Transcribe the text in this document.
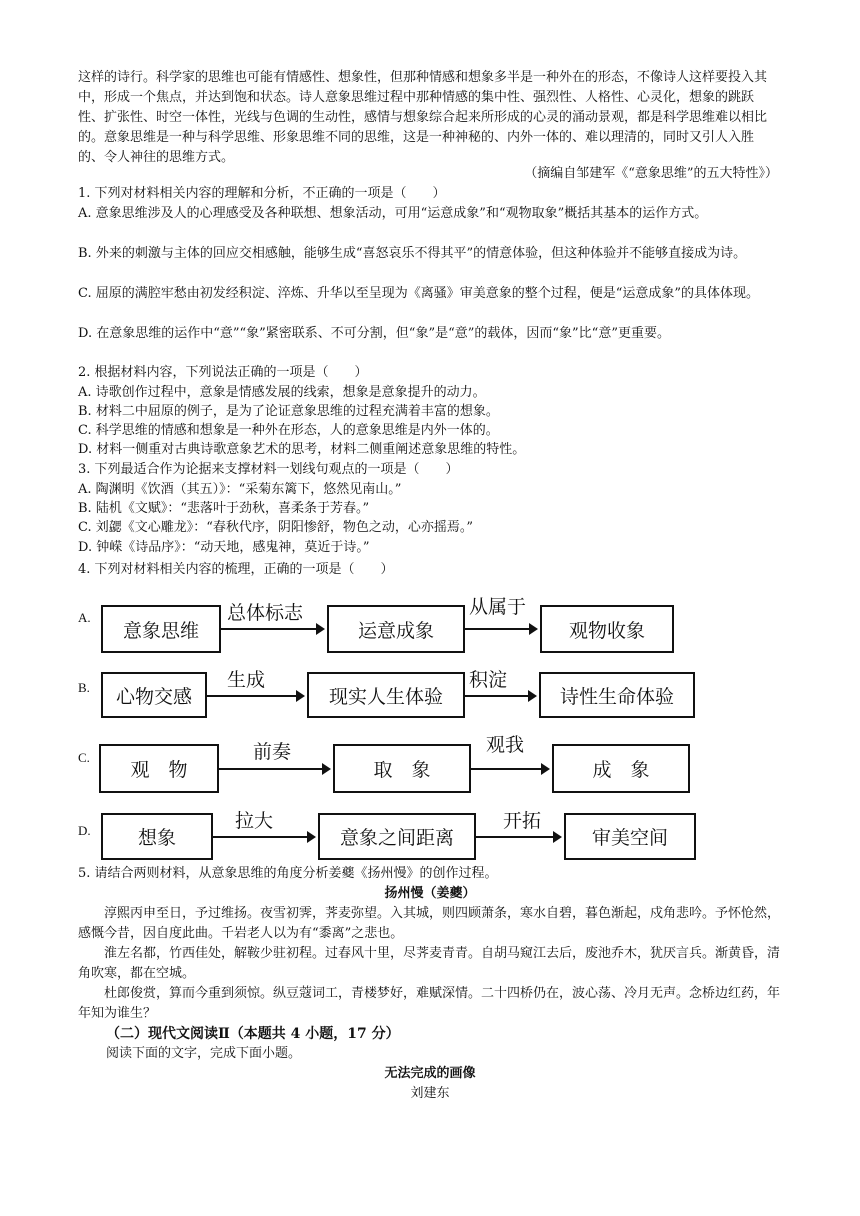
这样的诗行。科学家的思维也可能有情感性、想象性，但那种情感和想象多半是一种外在的形态，不像诗人这样要投入其中，形成一个焦点，并达到饱和状态。诗人意象思维过程中那种情感的集中性、强烈性、人格性、心灵化，想象的跳跃性、扩张性、时空一体性，光线与色调的生动性，感情与想象综合起来所形成的心灵的涌动景观，都是科学思维难以相比的。意象思维是一种与科学思维、形象思维不同的思维，这是一种神秘的、内外一体的、难以理清的，同时又引人入胜的、令人神往的思维方式。
（摘编自邹建军《“意象思维”的五大特性》）
1. 下列对材料相关内容的理解和分析，不正确的一项是（　　）
A. 意象思维涉及人的心理感受及各种联想、想象活动，可用“运意成象”和“观物取象”概括其基本的运作方式。
B. 外来的刺激与主体的回应交相感触，能够生成“喜怒哀乐不得其平”的情意体验，但这种体验并不能够直接成为诗。
C. 屈原的满腔牢愁由初发经积淀、淬炼、升华以至呈现为《离骚》审美意象的整个过程，便是“运意成象”的具体体现。
D. 在意象思维的运作中“意”“象”紧密联系、不可分割，但“象”是“意”的载体，因而“象”比“意”更重要。
2. 根据材料内容，下列说法正确的一项是（　　）
A. 诗歌创作过程中，意象是情感发展的线索，想象是意象提升的动力。
B. 材料二中屈原的例子，是为了论证意象思维的过程充满着丰富的想象。
C. 科学思维的情感和想象是一种外在形态，人的意象思维是内外一体的。
D. 材料一侧重对古典诗歌意象艺术的思考，材料二侧重阐述意象思维的特性。
3. 下列最适合作为论据来支撑材料一划线句观点的一项是（　　）
A. 陶渊明《饮酒（其五）》：“采菊东篱下，悠然见南山。”
B. 陆机《文赋》：“悲落叶于劲秋，喜柔条于芳春。”
C. 刘勰《文心雕龙》：“春秋代序，阴阳惨舒，物色之动，心亦摇焉。”
D. 钟嵘《诗品序》：“动天地，感鬼神，莫近于诗。”
4. 下列对材料相关内容的梳理，正确的一项是（　　）
A.
意象思维
总体标志
运意成象
从属于
观物收象
B.	心物交感
生成
现实人生体验
积淀
诗性生命体验
C.
观　物
前奏
取　象
观我
成　象
D.	想象
拉大
意象之间距离
开拓
审美空间
5. 请结合两则材料，从意象思维的角度分析姜夔《扬州慢》的创作过程。
扬州慢（姜夔）
淳熙丙申至日，予过维扬。夜雪初霁，荠麦弥望。入其城，则四顾萧条，寒水自碧，暮色渐起，戍角悲吟。予怀怆然，感慨今昔，因自度此曲。千岩老人以为有“黍离”之悲也。
淮左名都，竹西佳处，解鞍少驻初程。过春风十里，尽荠麦青青。自胡马窥江去后，废池乔木，犹厌言兵。渐黄昏，清角吹寒，都在空城。
杜郎俊赏，算而今重到须惊。纵豆蔻词工，青楼梦好，难赋深情。二十四桥仍在，波心荡、冷月无声。念桥边红药，年年知为谁生？
（二）现代文阅读Ⅱ（本题共 4 小题，17 分）
阅读下面的文字，完成下面小题。
无法完成的画像
刘建东
